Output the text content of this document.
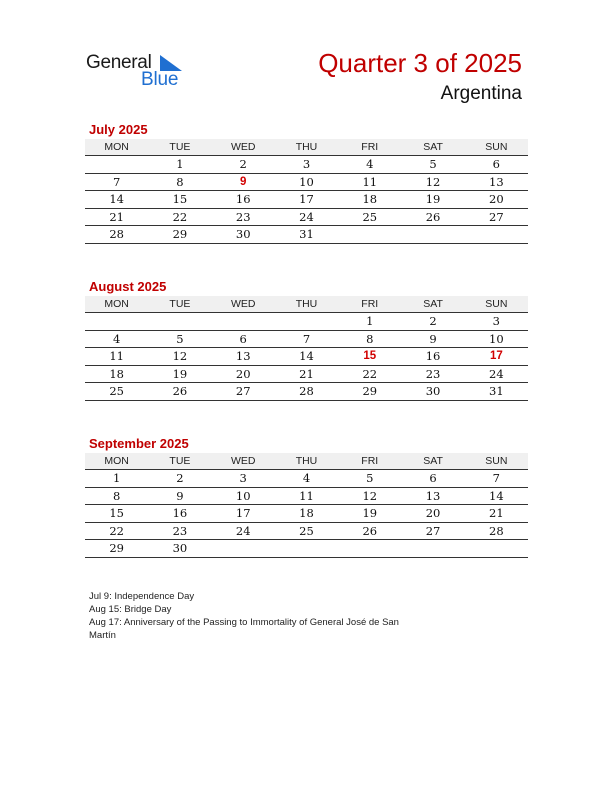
General
Blue
Quarter 3 of 2025
Argentina
July 2025
MON	TUE	WED	THU	FRI	SAT	SUN
	1	2	3	4	5	6
7	8	9	10	11	12	13
14	15	16	17	18	19	20
21	22	23	24	25	26	27
28	29	30	31			
August 2025
MON	TUE	WED	THU	FRI	SAT	SUN
				1	2	3
4	5	6	7	8	9	10
11	12	13	14	15	16	17
18	19	20	21	22	23	24
25	26	27	28	29	30	31
September 2025
MON	TUE	WED	THU	FRI	SAT	SUN
1	2	3	4	5	6	7
8	9	10	11	12	13	14
15	16	17	18	19	20	21
22	23	24	25	26	27	28
29	30					
Jul 9: Independence Day
Aug 15: Bridge Day
Aug 17: Anniversary of the Passing to Immortality of General José de San Martín
